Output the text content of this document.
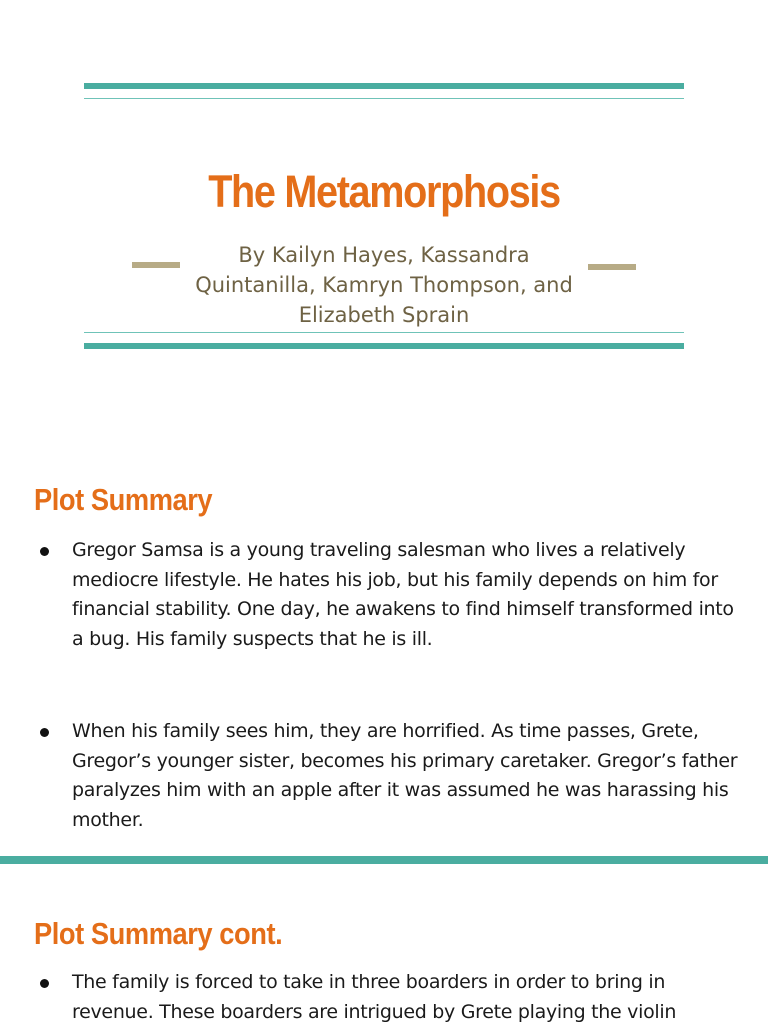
The Metamorphosis
By Kailyn Hayes, Kassandra Quintanilla, Kamryn Thompson, and Elizabeth Sprain
Plot Summary
Gregor Samsa is a young traveling salesman who lives a relatively mediocre lifestyle. He hates his job, but his family depends on him for financial stability. One day, he awakens to find himself transformed into a bug. His family suspects that he is ill.
When his family sees him, they are horrified. As time passes, Grete, Gregor’s younger sister, becomes his primary caretaker. Gregor’s father paralyzes him with an apple after it was assumed he was harassing his mother.
Plot Summary cont.
The family is forced to take in three boarders in order to bring in revenue. These boarders are intrigued by Grete playing the violin
